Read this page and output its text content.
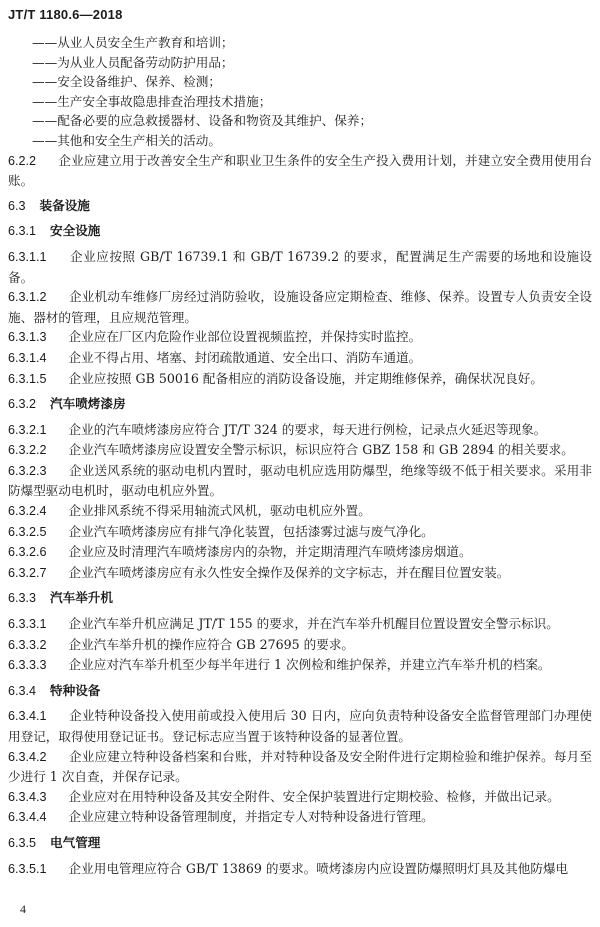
JT/T 1180.6—2018
——从业人员安全生产教育和培训；
——为从业人员配备劳动防护用品；
——安全设备维护、保养、检测；
——生产安全事故隐患排查治理技术措施；
——配备必要的应急救援器材、设备和物资及其维护、保养；
——其他和安全生产相关的活动。
6.2.2 企业应建立用于改善安全生产和职业卫生条件的安全生产投入费用计划，并建立安全费用使用台账。
6.3 装备设施
6.3.1 安全设施
6.3.1.1 企业应按照 GB/T 16739.1 和 GB/T 16739.2 的要求，配置满足生产需要的场地和设施设备。
6.3.1.2 企业机动车维修厂房经过消防验收，设施设备应定期检查、维修、保养。设置专人负责安全设施、器材的管理，且应规范管理。
6.3.1.3 企业应在厂区内危险作业部位设置视频监控，并保持实时监控。
6.3.1.4 企业不得占用、堵塞、封闭疏散通道、安全出口、消防车通道。
6.3.1.5 企业应按照 GB 50016 配备相应的消防设备设施，并定期维修保养，确保状况良好。
6.3.2 汽车喷烤漆房
6.3.2.1 企业的汽车喷烤漆房应符合 JT/T 324 的要求，每天进行例检，记录点火延迟等现象。
6.3.2.2 企业汽车喷烤漆房应设置安全警示标识，标识应符合 GBZ 158 和 GB 2894 的相关要求。
6.3.2.3 企业送风系统的驱动电机内置时，驱动电机应选用防爆型，绝缘等级不低于相关要求。采用非防爆型驱动电机时，驱动电机应外置。
6.3.2.4 企业排风系统不得采用轴流式风机，驱动电机应外置。
6.3.2.5 企业汽车喷烤漆房应有排气净化装置，包括漆雾过滤与废气净化。
6.3.2.6 企业应及时清理汽车喷烤漆房内的杂物，并定期清理汽车喷烤漆房烟道。
6.3.2.7 企业汽车喷烤漆房应有永久性安全操作及保养的文字标志，并在醒目位置安装。
6.3.3 汽车举升机
6.3.3.1 企业汽车举升机应满足 JT/T 155 的要求，并在汽车举升机醒目位置设置安全警示标识。
6.3.3.2 企业汽车举升机的操作应符合 GB 27695 的要求。
6.3.3.3 企业应对汽车举升机至少每半年进行 1 次例检和维护保养，并建立汽车举升机的档案。
6.3.4 特种设备
6.3.4.1 企业特种设备投入使用前或投入使用后 30 日内，应向负责特种设备安全监督管理部门办理使用登记，取得使用登记证书。登记标志应当置于该特种设备的显著位置。
6.3.4.2 企业应建立特种设备档案和台账，并对特种设备及安全附件进行定期检验和维护保养。每月至少进行 1 次自查，并保存记录。
6.3.4.3 企业应对在用特种设备及其安全附件、安全保护装置进行定期校验、检修，并做出记录。
6.3.4.4 企业应建立特种设备管理制度，并指定专人对特种设备进行管理。
6.3.5 电气管理
6.3.5.1 企业用电管理应符合 GB/T 13869 的要求。喷烤漆房内应设置防爆照明灯具及其他防爆电
4
